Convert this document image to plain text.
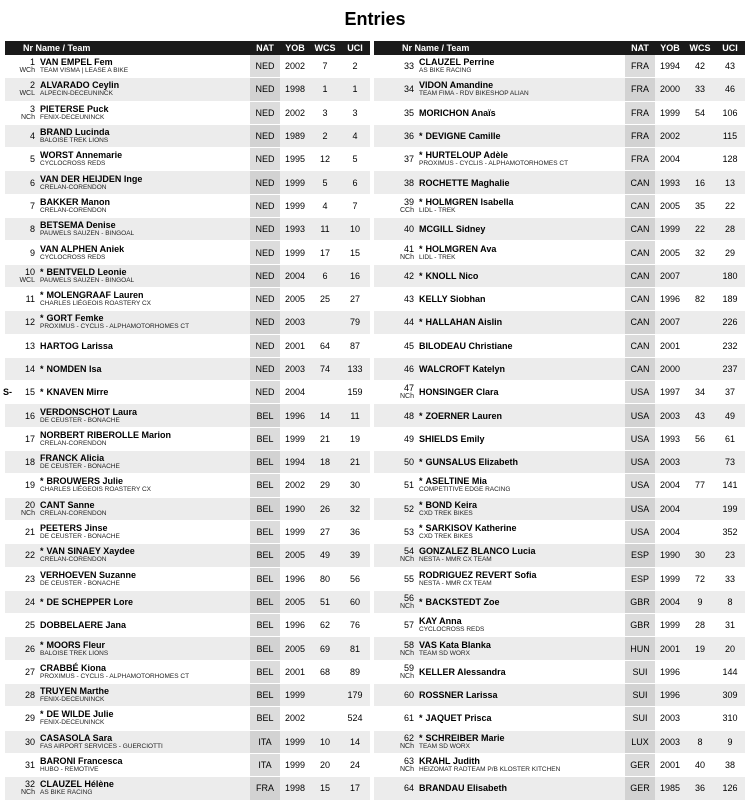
Entries
Nr Name / Team		NAT	YOB	WCS	UCI

1
WCh	VAN EMPEL Fem
TEAM VISMA | LEASE A BIKE	NED	2002	7	2

2
WCL	ALVARADO Ceylin
ALPECIN-DECEUNINCK	NED	1998	1	1

3
NCh	PIETERSE Puck
FENIX-DECEUNINCK	NED	2002	3	3

4	BRAND Lucinda
BALOISE TREK LIONS	NED	1989	2	4

5	WORST Annemarie
CYCLOCROSS REDS	NED	1995	12	5

6	VAN DER HEIJDEN Inge
CRELAN-CORENDON	NED	1999	5	6

7	BAKKER Manon
CRELAN-CORENDON	NED	1999	4	7

8	BETSEMA Denise
PAUWELS SAUZEN - BINGOAL	NED	1993	11	10

9	VAN ALPHEN Aniek
CYCLOCROSS REDS	NED	1999	17	15

10
WCL	* BENTVELD Leonie
PAUWELS SAUZEN - BINGOAL	NED	2004	6	16

11	* MOLENGRAAF Lauren
CHARLES LIÉGEOIS ROASTERY CX	NED	2005	25	27

12	* GORT Femke
PROXIMUS - CYCLIS - ALPHAMOTORHOMES CT	NED	2003		79

13	HARTOG Larissa	NED	2001	64	87

14	* NOMDEN Isa	NED	2003	74	133

S- 15	* KNAVEN Mirre	NED	2004		159

16	VERDONSCHOT Laura
DE CEUSTER - BONACHE	BEL	1996	14	11

17	NORBERT RIBEROLLE Marion
CRELAN-CORENDON	BEL	1999	21	19

18	FRANCK Alicia
DE CEUSTER - BONACHE	BEL	1994	18	21

19	* BROUWERS Julie
CHARLES LIÉGEOIS ROASTERY CX	BEL	2002	29	30

20
NCh	CANT Sanne
CRELAN-CORENDON	BEL	1990	26	32

21	PEETERS Jinse
DE CEUSTER - BONACHE	BEL	1999	27	36

22	* VAN SINAEY Xaydee
CRELAN-CORENDON	BEL	2005	49	39

23	VERHOEVEN Suzanne
DE CEUSTER - BONACHE	BEL	1996	80	56

24	* DE SCHEPPER Lore	BEL	2005	51	60

25	DOBBELAERE Jana	BEL	1996	62	76

26	* MOORS Fleur
BALOISE TREK LIONS	BEL	2005	69	81

27	CRABBÉ Kiona
PROXIMUS - CYCLIS - ALPHAMOTORHOMES CT	BEL	2001	68	89

28	TRUYEN Marthe
FENIX-DECEUNINCK	BEL	1999		179

29	* DE WILDE Julie
FENIX-DECEUNINCK	BEL	2002		524

30	CASASOLA Sara
FAS AIRPORT SERVICES - GUERCIOTTI	ITA	1999	10	14

31	BARONI Francesca
HUBO - REMOTIVE	ITA	1999	20	24

32
NCh	CLAUZEL Hélène
AS BIKE RACING	FRA	1998	15	17
Nr Name / Team		NAT	YOB	WCS	UCI

33	CLAUZEL Perrine
AS BIKE RACING	FRA	1994	42	43

34	VIDON Amandine
TEAM FIMA - RDV BIKESHOP ALIAN	FRA	2000	33	46

35	MORICHON Anaïs	FRA	1999	54	106

36	* DEVIGNE Camille	FRA	2002		115

37	* HURTELOUP Adèle
PROXIMUS - CYCLIS - ALPHAMOTORHOMES CT	FRA	2004		128

38	ROCHETTE Maghalie	CAN	1993	16	13

39
CCh	* HOLMGREN Isabella
LIDL - TREK	CAN	2005	35	22

40	MCGILL Sidney	CAN	1999	22	28

41
NCh	* HOLMGREN Ava
LIDL - TREK	CAN	2005	32	29

42	* KNOLL Nico	CAN	2007		180

43	KELLY Siobhan	CAN	1996	82	189

44	* HALLAHAN Aislin	CAN	2007		226

45	BILODEAU Christiane	CAN	2001		232

46	WALCROFT Katelyn	CAN	2000		237

47
NCh	HONSINGER Clara	USA	1997	34	37

48	* ZOERNER Lauren	USA	2003	43	49

49	SHIELDS Emily	USA	1993	56	61

50	* GUNSALUS Elizabeth	USA	2003		73

51	* ASELTINE Mia
COMPETITIVE EDGE RACING	USA	2004	77	141

52	* BOND Keira
CXD TREK BIKES	USA	2004		199

53	* SARKISOV Katherine
CXD TREK BIKES	USA	2004		352

54
NCh	GONZALEZ BLANCO Lucia
NESTA - MMR CX TEAM	ESP	1990	30	23

55	RODRIGUEZ REVERT Sofia
NESTA - MMR CX TEAM	ESP	1999	72	33

56
NCh	* BACKSTEDT Zoe	GBR	2004	9	8

57	KAY Anna
CYCLOCROSS REDS	GBR	1999	28	31

58
NCh	VAS Kata Blanka
TEAM SD WORX	HUN	2001	19	20

59
NCh	KELLER Alessandra	SUI	1996		144

60	ROSSNER Larissa	SUI	1996		309

61	* JAQUET Prisca	SUI	2003		310

62
NCh	* SCHREIBER Marie
TEAM SD WORX	LUX	2003	8	9

63
NCh	KRAHL Judith
HEIZOMAT RADTEAM P/B KLOSTER KITCHEN	GER	2001	40	38

64	BRANDAU Elisabeth	GER	1985	36	126
